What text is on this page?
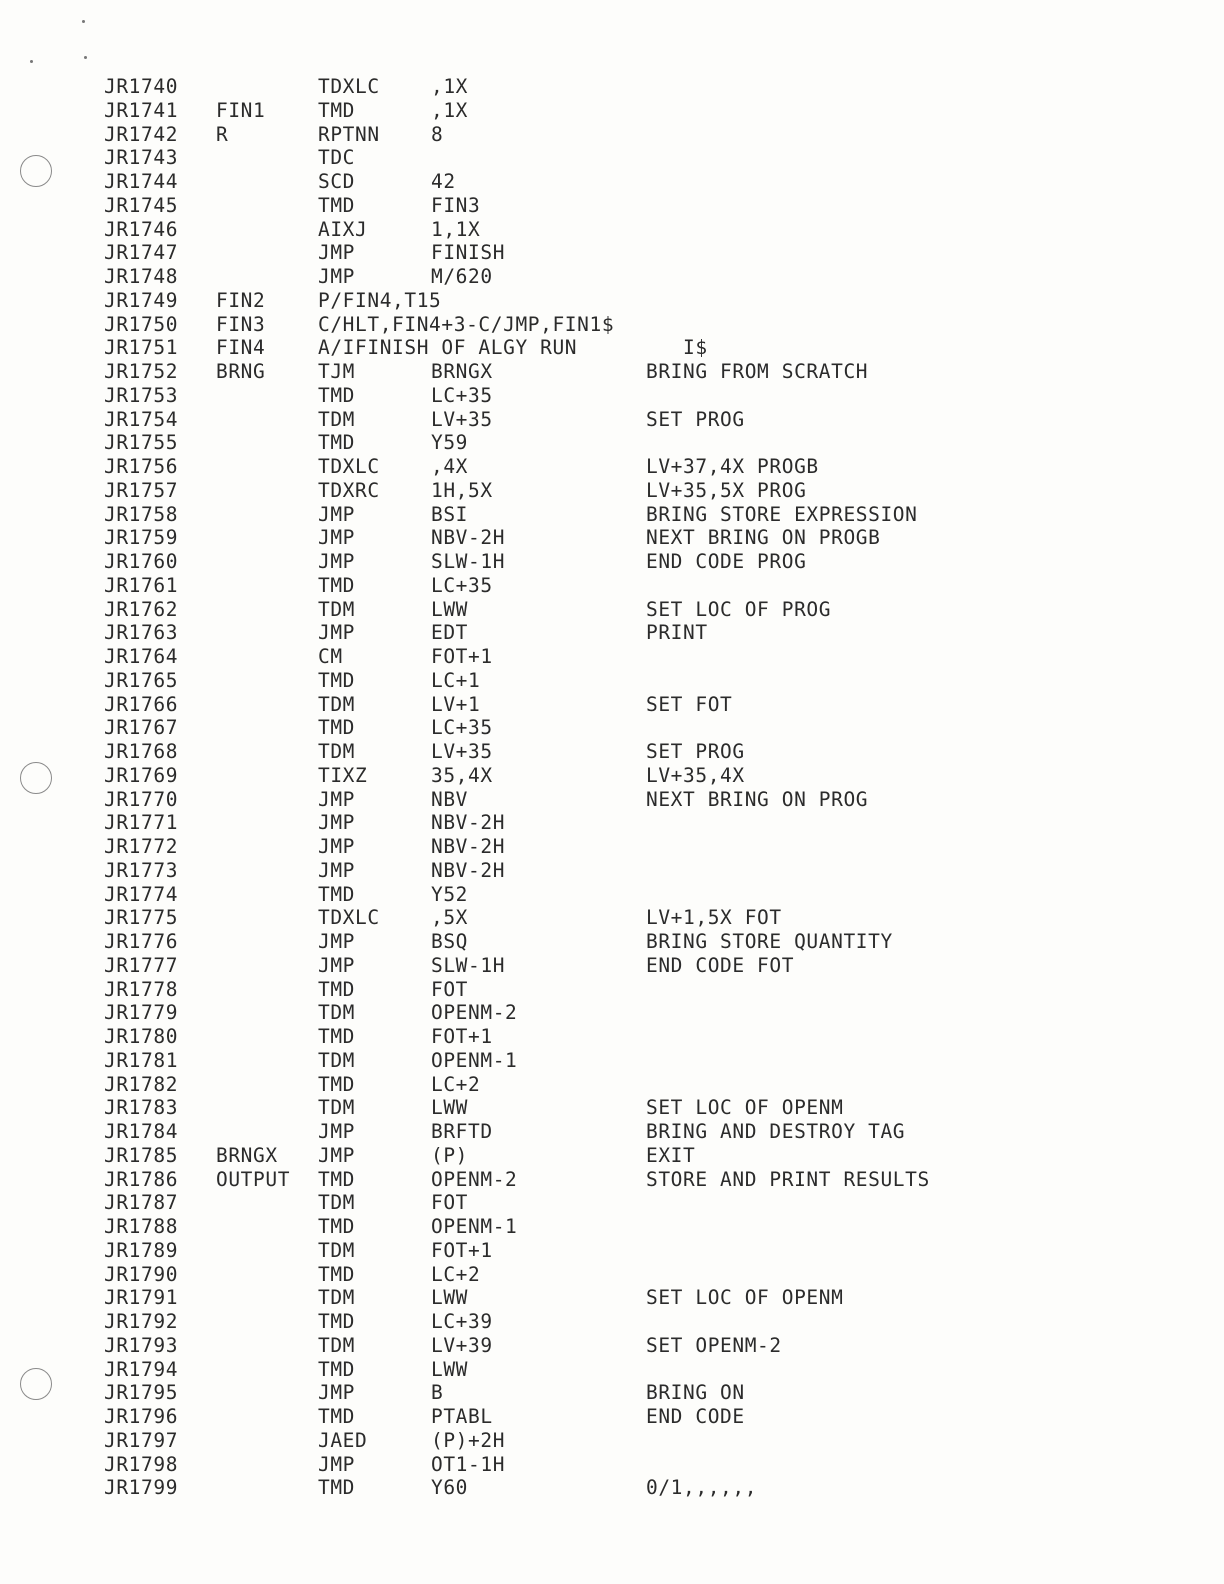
JR1740	TDXLC	,1X
JR1741 FIN1	TMD	,1X
JR1742 R	RPTNN	8
JR1743	TDC
JR1744	SCD	42
JR1745	TMD	FIN3
JR1746	AIXJ	1,1X
JR1747	JMP	FINISH
JR1748	JMP	M/620
JR1749 FIN2	P/FIN4,T15
JR1750 FIN3	C/HLT,FIN4+3-C/JMP,FIN1$
JR1751 FIN4	A/IFINISH OF ALGY RUN	I$
JR1752 BRNG	TJM	BRNGX	BRING FROM SCRATCH
JR1753	TMD	LC+35
JR1754	TDM	LV+35	SET PROG
JR1755	TMD	Y59
JR1756	TDXLC	,4X	LV+37,4X PROGB
JR1757	TDXRC	1H,5X	LV+35,5X PROG
JR1758	JMP	BSI	BRING STORE EXPRESSION
JR1759	JMP	NBV-2H	NEXT BRING ON PROGB
JR1760	JMP	SLW-1H	END CODE PROG
JR1761	TMD	LC+35
JR1762	TDM	LWW	SET LOC OF PROG
JR1763	JMP	EDT	PRINT
JR1764	CM	FOT+1
JR1765	TMD	LC+1
JR1766	TDM	LV+1	SET FOT
JR1767	TMD	LC+35
JR1768	TDM	LV+35	SET PROG
JR1769	TIXZ	35,4X	LV+35,4X
JR1770	JMP	NBV	NEXT BRING ON PROG
JR1771	JMP	NBV-2H
JR1772	JMP	NBV-2H
JR1773	JMP	NBV-2H
JR1774	TMD	Y52
JR1775	TDXLC	,5X	LV+1,5X FOT
JR1776	JMP	BSQ	BRING STORE QUANTITY
JR1777	JMP	SLW-1H	END CODE FOT
JR1778	TMD	FOT
JR1779	TDM	OPENM-2
JR1780	TMD	FOT+1
JR1781	TDM	OPENM-1
JR1782	TMD	LC+2
JR1783	TDM	LWW	SET LOC OF OPENM
JR1784	JMP	BRFTD	BRING AND DESTROY TAG
JR1785 BRNGX JMP	(P)	EXIT
JR1786 OUTPUT TMD	OPENM-2	STORE AND PRINT RESULTS
JR1787	TDM	FOT
JR1788	TMD	OPENM-1
JR1789	TDM	FOT+1
JR1790	TMD	LC+2
JR1791	TDM	LWW	SET LOC OF OPENM
JR1792	TMD	LC+39
JR1793	TDM	LV+39	SET OPENM-2
JR1794	TMD	LWW
JR1795	JMP	B	BRING ON
JR1796	TMD	PTABL	END CODE
JR1797	JAED	(P)+2H
JR1798	JMP	OT1-1H
JR1799	TMD	Y60	0/1,,,,,,
